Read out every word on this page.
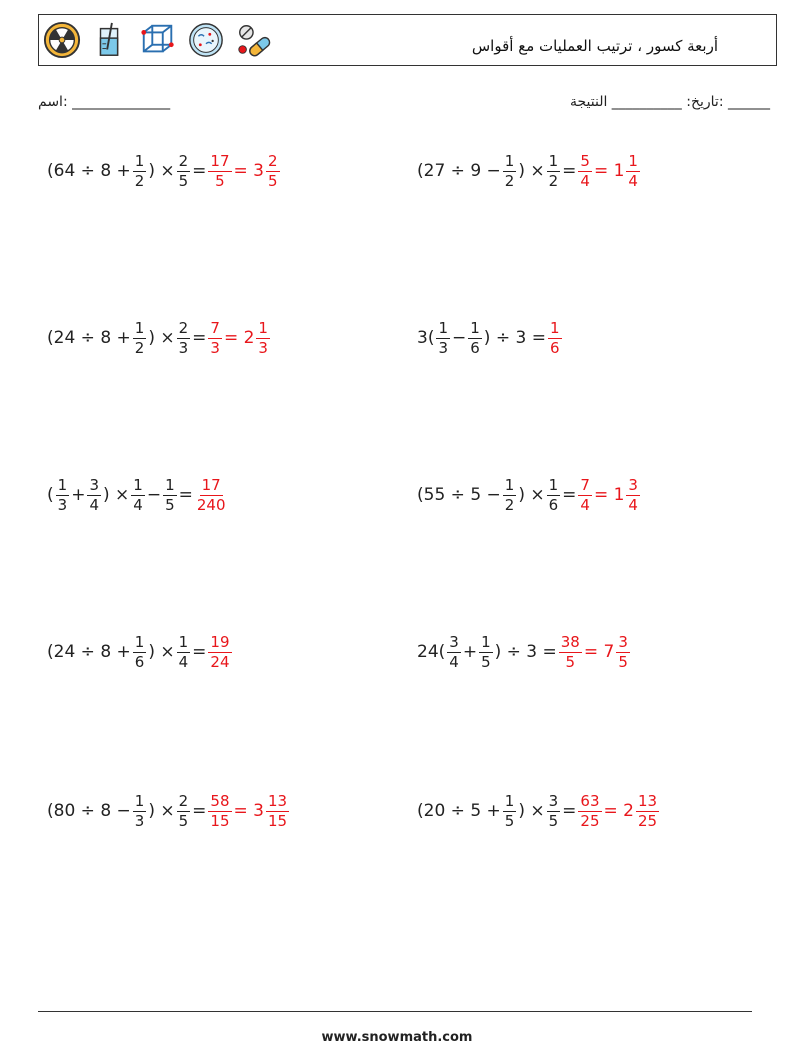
أربعة كسور ، ترتيب العمليات مع أقواس
______ :تاريخ: __________ النتيجة
______________ :اسم
($64 \div 8 + \frac{1}{2}$ ) × $\frac{2}{5} = \frac{17}{5} = 3 \frac{2}{5}$	($27 \div 9 - \frac{1}{2}$ ) × $\frac{1}{2} = \frac{5}{4} = 1 \frac{1}{4}$
($24 \div 8 + \frac{1}{2}$ ) × $\frac{2}{3} = \frac{7}{3} = 2 \frac{1}{3}$	$3( \frac{1}{3} - \frac{1}{6}$ ) ÷ $3 = \frac{1}{6}$
( $\frac{1}{3} + \frac{3}{4}$ ) × $\frac{1}{4} - \frac{1}{5} = \frac{17}{240}$	($55 \div 5 - \frac{1}{2}$ ) × $\frac{1}{6} = \frac{7}{4} = 1 \frac{3}{4}$
($24 \div 8 + \frac{1}{6}$ ) × $\frac{1}{4} = \frac{19}{24}$	$24( \frac{3}{4} + \frac{1}{5}$ ) ÷ $3 = \frac{38}{5} = 7 \frac{3}{5}$
($80 \div 8 - \frac{1}{3}$ ) × $\frac{2}{5} = \frac{58}{15} = 3 \frac{13}{15}$	($20 \div 5 + \frac{1}{5}$ ) × $\frac{3}{5} = \frac{63}{25} = 2 \frac{13}{25}$
www.snowmath.com
